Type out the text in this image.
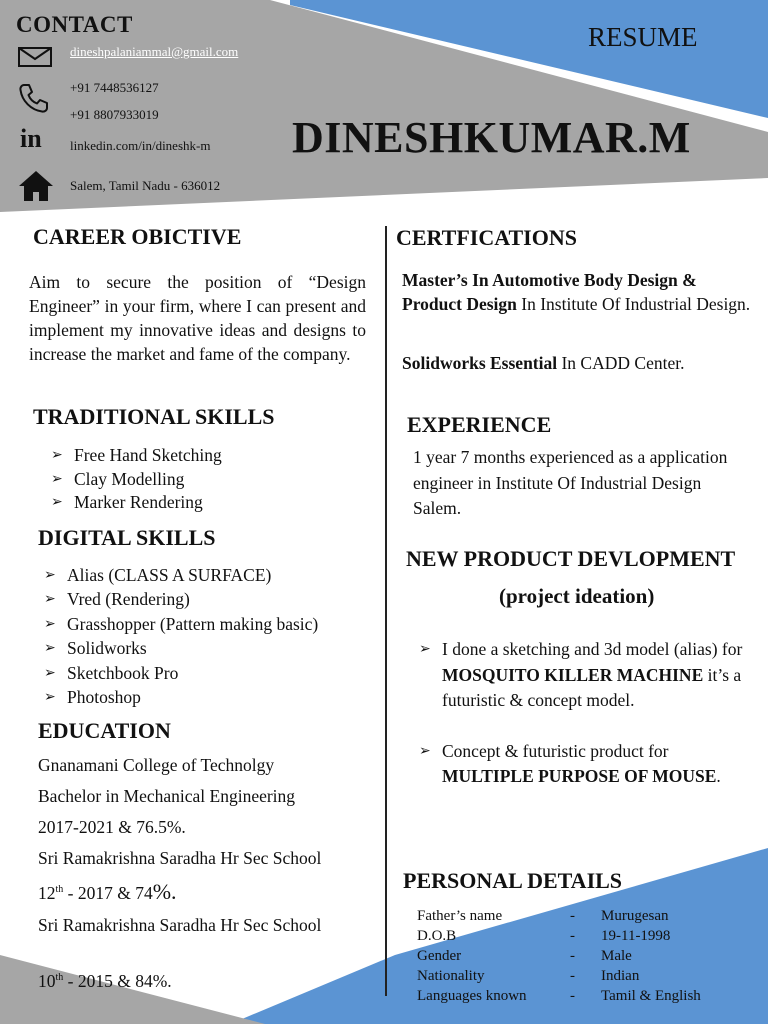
CONTACT
dineshpalaniammal@gmail.com
+91 7448536127
+91 8807933019
in linkedin.com/in/dineshk-m
Salem, Tamil Nadu - 636012
RESUME
DINESHKUMAR.M
CAREER OBICTIVE
Aim to secure the position of “Design Engineer” in your firm, where I can present and implement my innovative ideas and designs to increase the market and fame of the company.
TRADITIONAL SKILLS
➢ Free Hand Sketching
➢ Clay Modelling
➢ Marker Rendering
DIGITAL SKILLS
➢ Alias (CLASS A SURFACE)
➢ Vred (Rendering)
➢ Grasshopper (Pattern making basic)
➢ Solidworks
➢ Sketchbook Pro
➢ Photoshop
EDUCATION
Gnanamani College of Technolgy
Bachelor in Mechanical Engineering
2017-2021 & 76.5%.
Sri Ramakrishna Saradha Hr Sec School
12th - 2017 & 74%.
Sri Ramakrishna Saradha Hr Sec School
10th - 2015 & 84%.
CERTFICATIONS
Master’s In Automotive Body Design & Product Design In Institute Of Industrial Design.
Solidworks Essential In CADD Center.
EXPERIENCE
1 year 7 months experienced as a application engineer in Institute Of Industrial Design Salem.
NEW PRODUCT DEVLOPMENT
(project ideation)
➢ I done a sketching and 3d model (alias) for MOSQUITO KILLER MACHINE it’s a futuristic & concept model.
➢ Concept & futuristic product for MULTIPLE PURPOSE OF MOUSE.
PERSONAL DETAILS
Father’s name	-	Murugesan
D.O.B	-	19-11-1998
Gender	-	Male
Nationality	-	Indian
Languages known	-	Tamil & English
